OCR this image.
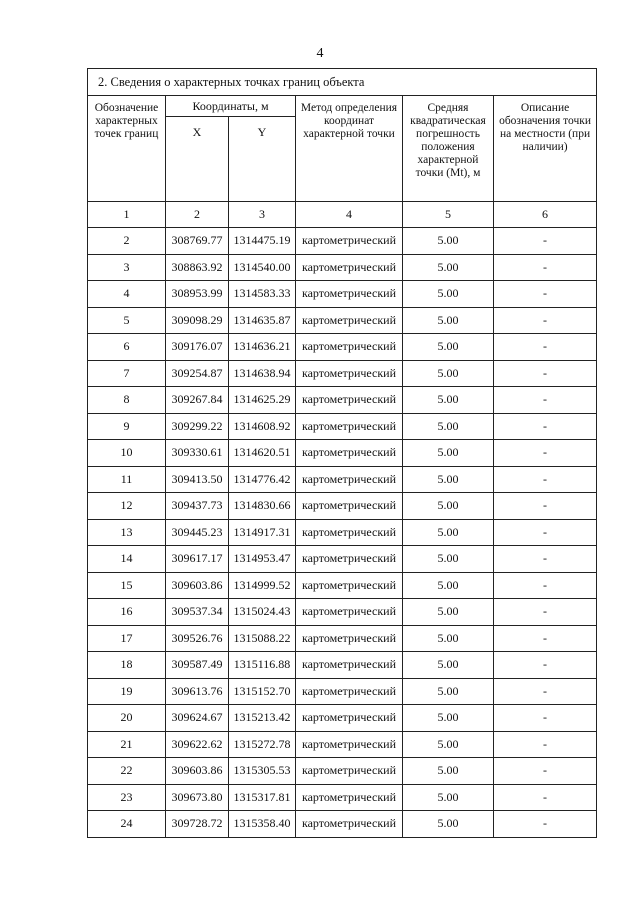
4
2. Сведения о характерных точках границ объекта					
Обозначение характерных точек границ	Координаты, м		Метод определения координат характерной точки	Средняя квадратическая погрешность положения характерной точки (Mt), м	Описание обозначения точки на местности (при наличии)
	X	Y			
1	2	3	4	5	6
2	308769.77	1314475.19	картометрический	5.00	-
3	308863.92	1314540.00	картометрический	5.00	-
4	308953.99	1314583.33	картометрический	5.00	-
5	309098.29	1314635.87	картометрический	5.00	-
6	309176.07	1314636.21	картометрический	5.00	-
7	309254.87	1314638.94	картометрический	5.00	-
8	309267.84	1314625.29	картометрический	5.00	-
9	309299.22	1314608.92	картометрический	5.00	-
10	309330.61	1314620.51	картометрический	5.00	-
11	309413.50	1314776.42	картометрический	5.00	-
12	309437.73	1314830.66	картометрический	5.00	-
13	309445.23	1314917.31	картометрический	5.00	-
14	309617.17	1314953.47	картометрический	5.00	-
15	309603.86	1314999.52	картометрический	5.00	-
16	309537.34	1315024.43	картометрический	5.00	-
17	309526.76	1315088.22	картометрический	5.00	-
18	309587.49	1315116.88	картометрический	5.00	-
19	309613.76	1315152.70	картометрический	5.00	-
20	309624.67	1315213.42	картометрический	5.00	-
21	309622.62	1315272.78	картометрический	5.00	-
22	309603.86	1315305.53	картометрический	5.00	-
23	309673.80	1315317.81	картометрический	5.00	-
24	309728.72	1315358.40	картометрический	5.00	-
